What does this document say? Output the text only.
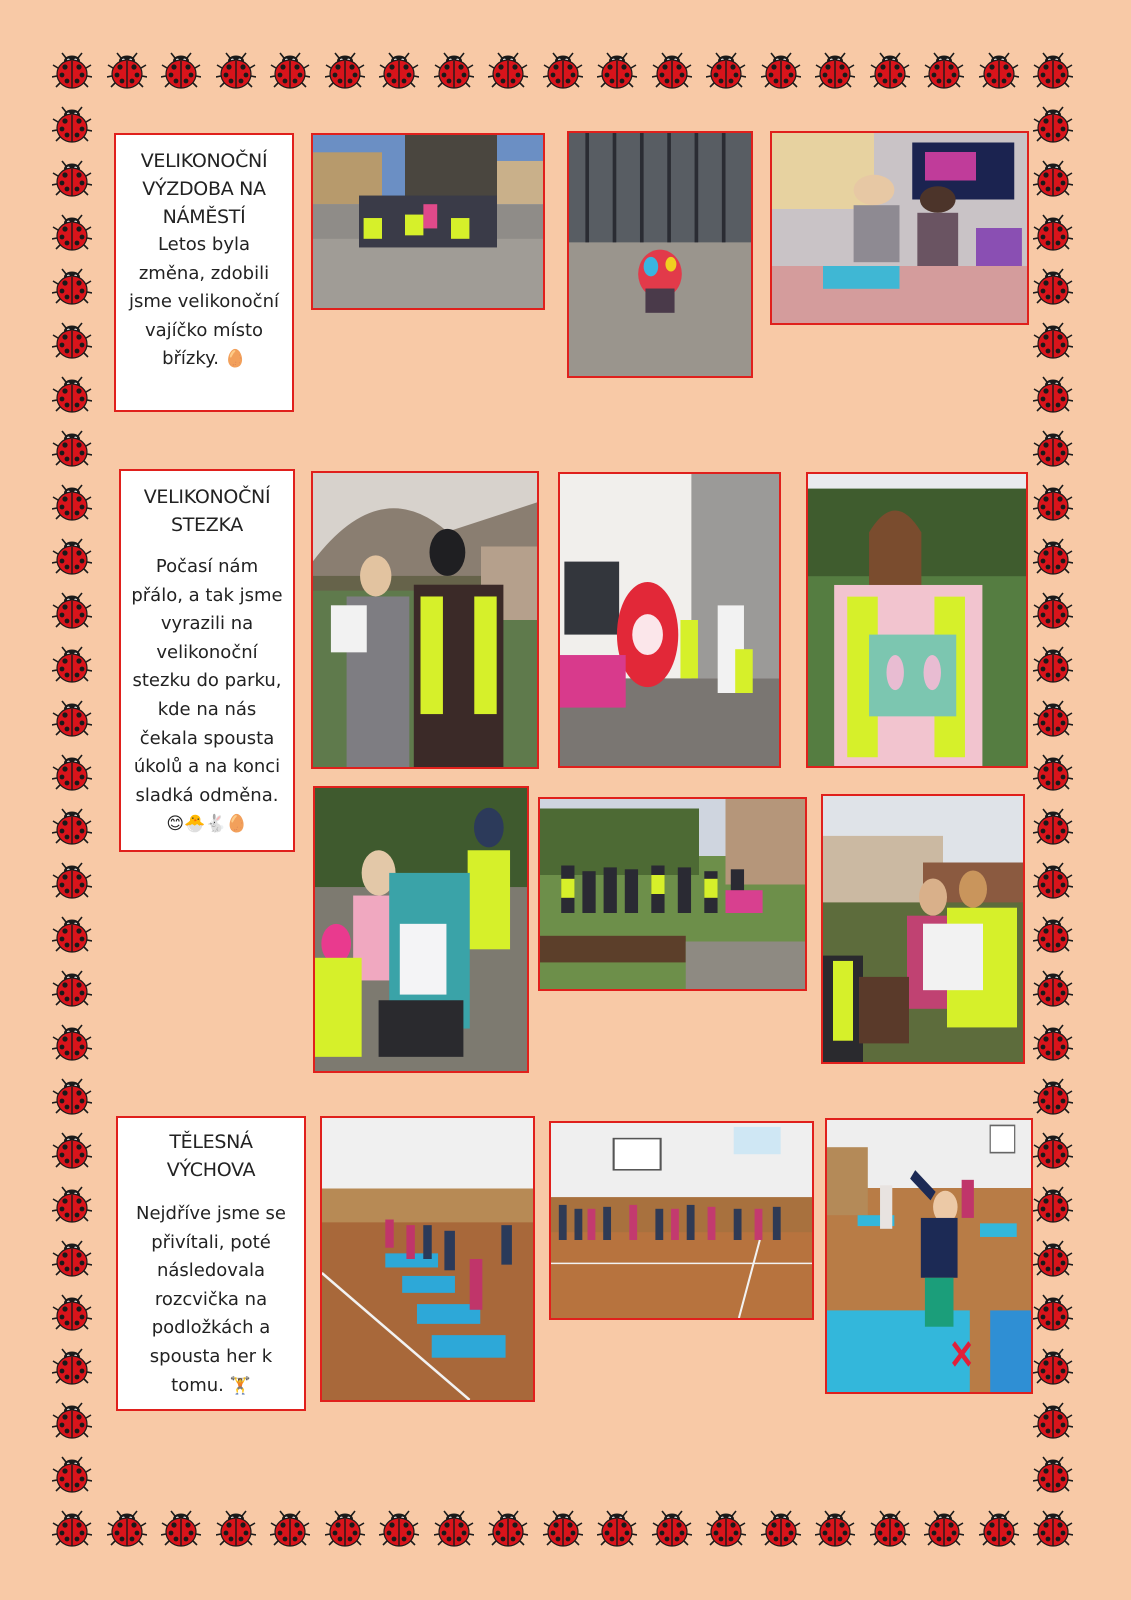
VELIKONOČNÍ VÝZDOBA NA NÁMĚSTÍ

Letos byla změna, zdobili jsme velikonoční vajíčko místo břízky. 🥚

VELIKONOČNÍ STEZKA

Počasí nám přálo, a tak jsme vyrazili na velikonoční stezku do parku, kde na nás čekala spousta úkolů a na konci sladká odměna.
😊🐣🐇🥚

TĚLESNÁ VÝCHOVA

Nejdříve jsme se přivítali, poté následovala rozcvička na podložkách a spousta her k tomu. 🏋️
